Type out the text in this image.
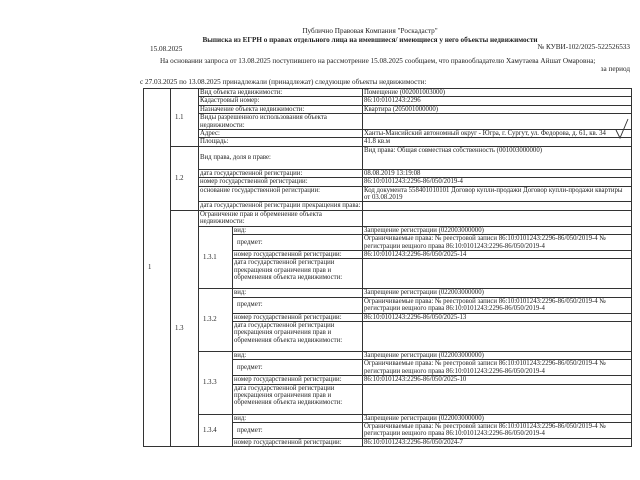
Публично Правовая Компания "Роскадастр"
Выписка из ЕГРН о правах отдельного лица на имевшиеся/ имеющиеся у него объекты недвижимости
15.08.2025	№ КУВИ-102/2025-522526533
На основании запроса от 13.08.2025 поступившего на рассмотрение 15.08.2025 сообщаем, что правообладателю Хамутаева Айшат Омаровна;
за период
с 27.03.2025 по 13.08.2025 принадлежали (принадлежат) следующие объекты недвижимости:
1	1.1	Вид объекта недвижимости:		Помещение (002001003000)
		Кадастровый номер:		86:10:0101243:2296
		Назначение объекта недвижимости:		Квартира (205001000000)
		Виды разрешенного использования объекта недвижимости:		
		Адрес:		Ханты-Мансийский автономный округ - Югра, г. Сургут, ул. Федорова, д. 61, кв. 34
		Площадь:		41.8 кв.м
	1.2	Вид права, доля в праве:		Вид права: Общая совместная собственность (001003000000)
		дата государственной регистрации:		08.08.2019 13:19:08
		номер государственной регистрации:		86:10:0101243:2296-86/050/2019-4
		основание государственной регистрации:		Код документа 558401010101 Договор купли-продажи Договор купли-продажи квартиры от 03.08.2019
		дата государственной регистрации прекращения права:		
	1.3	Ограничение прав и обременение объекта недвижимости:		
		1.3.1	вид:	Запрещение регистрации (022003000000)
			предмет:	Ограничиваемые права: № реестровой записи 86:10:0101243:2296-86/050/2019-4 № регистрации вещного права 86:10:0101243:2296-86/050/2019-4
			номер государственной регистрации:	86:10:0101243:2296-86/050/2025-14
			дата государственной регистрации прекращения ограничения прав и обременения объекта недвижимости:	
		1.3.2	вид:	Запрещение регистрации (022003000000)
			предмет:	Ограничиваемые права: № реестровой записи 86:10:0101243:2296-86/050/2019-4 № регистрации вещного права 86:10:0101243:2296-86/050/2019-4
			номер государственной регистрации:	86:10:0101243:2296-86/050/2025-13
			дата государственной регистрации прекращения ограничения прав и обременения объекта недвижимости:	
		1.3.3	вид:	Запрещение регистрации (022003000000)
			предмет:	Ограничиваемые права: № реестровой записи 86:10:0101243:2296-86/050/2019-4 № регистрации вещного права 86:10:0101243:2296-86/050/2019-4
			номер государственной регистрации:	86:10:0101243:2296-86/050/2025-10
			дата государственной регистрации прекращения ограничения прав и обременения объекта недвижимости:	
		1.3.4	вид:	Запрещение регистрации (022003000000)
			предмет:	Ограничиваемые права: № реестровой записи 86:10:0101243:2296-86/050/2019-4 № регистрации вещного права 86:10:0101243:2296-86/050/2019-4
			номер государственной регистрации:	86:10:0101243:2296-86/050/2024-7
